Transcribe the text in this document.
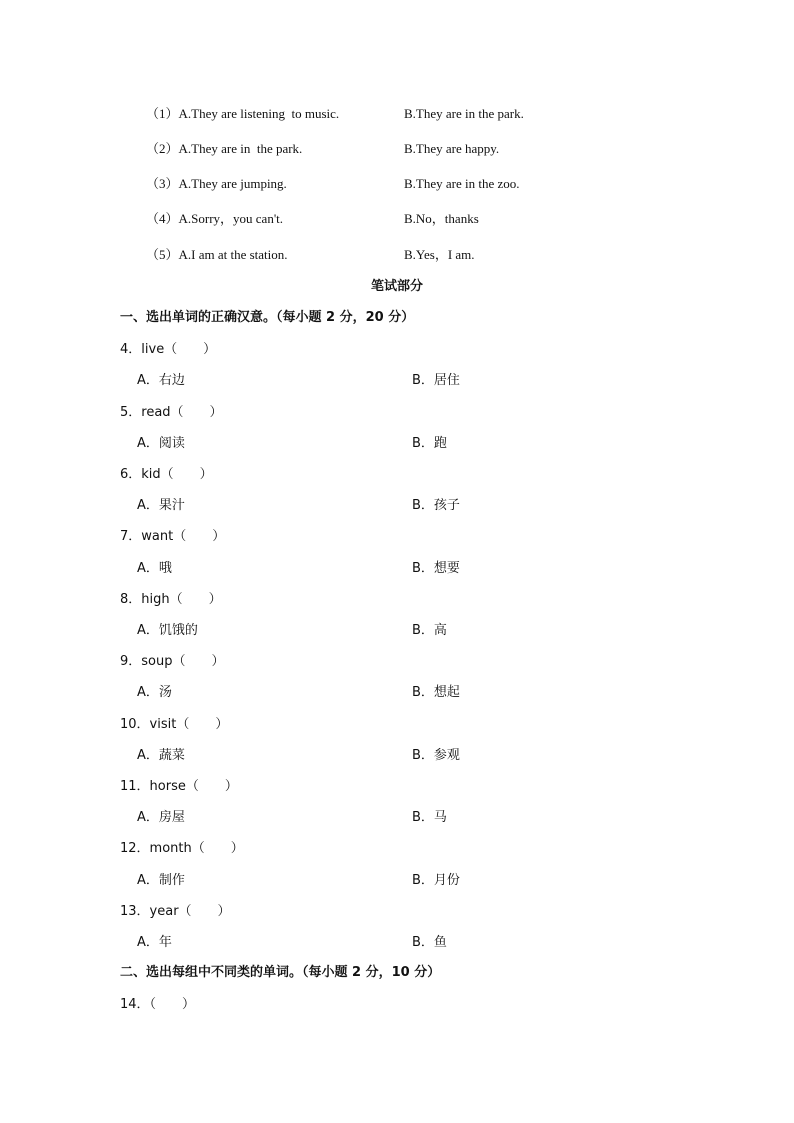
（1）A.They are listening  to music.	B.They are in the park.
（2）A.They are in  the park.	B.They are happy.
（3）A.They are jumping.	B.They are in the zoo.
（4）A.Sorry，you can't.	B.No，thanks
（5）A.I am at the station.	B.Yes，I am.
笔试部分
一、选出单词的正确汉意。（每小题 2 分，20 分）
4．live（　　）
A．右边	B．居住
5．read（　　）
A．阅读	B．跑
6．kid（　　）
A．果汁	B．孩子
7．want（　　）
A．哦	B．想要
8．high（　　）
A．饥饿的	B．高
9．soup（　　）
A．汤	B．想起
10．visit（　　）
A．蔬菜	B．参观
11．horse（　　）
A．房屋	B．马
12．month（　　）
A．制作	B．月份
13．year（　　）
A．年	B．鱼
二、选出每组中不同类的单词。（每小题 2 分，10 分）
14．（　　）
